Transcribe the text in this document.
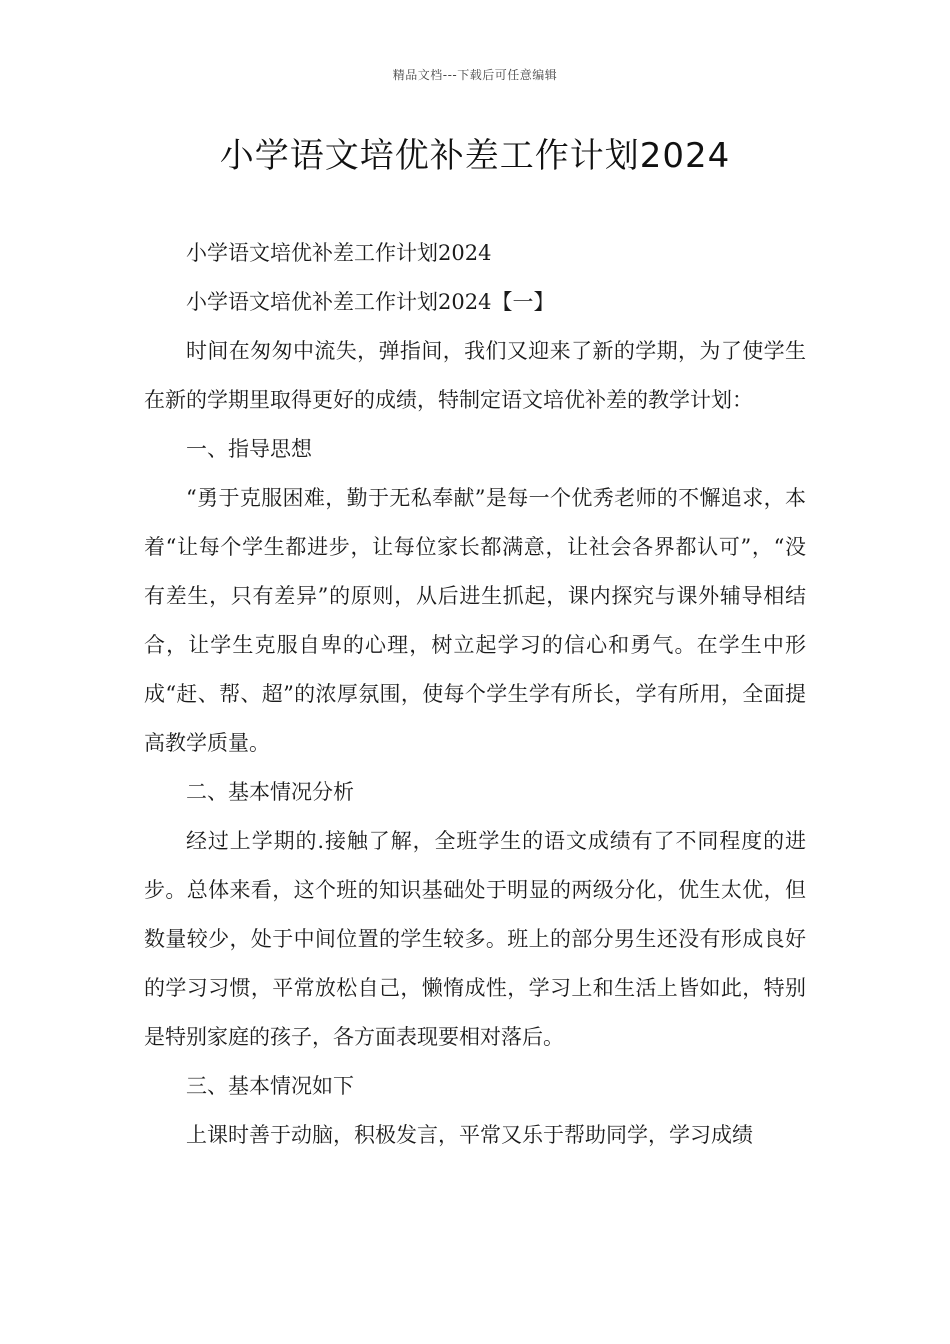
精品文档---下载后可任意编辑
小学语文培优补差工作计划2024

小学语文培优补差工作计划2024

小学语文培优补差工作计划2024【一】

时间在匆匆中流失，弹指间，我们又迎来了新的学期，为了使学生在新的学期里取得更好的成绩，特制定语文培优补差的教学计划：

一、指导思想

“勇于克服困难，勤于无私奉献”是每一个优秀老师的不懈追求，本着“让每个学生都进步，让每位家长都满意，让社会各界都认可”，“没有差生，只有差异”的原则，从后进生抓起，课内探究与课外辅导相结合，让学生克服自卑的心理，树立起学习的信心和勇气。在学生中形成“赶、帮、超”的浓厚氛围，使每个学生学有所长，学有所用，全面提高教学质量。

二、基本情况分析

经过上学期的.接触了解，全班学生的语文成绩有了不同程度的进步。总体来看，这个班的知识基础处于明显的两级分化，优生太优，但数量较少，处于中间位置的学生较多。班上的部分男生还没有形成良好的学习习惯，平常放松自己，懒惰成性，学习上和生活上皆如此，特别是特别家庭的孩子，各方面表现要相对落后。

三、基本情况如下

上课时善于动脑，积极发言，平常又乐于帮助同学，学习成绩
